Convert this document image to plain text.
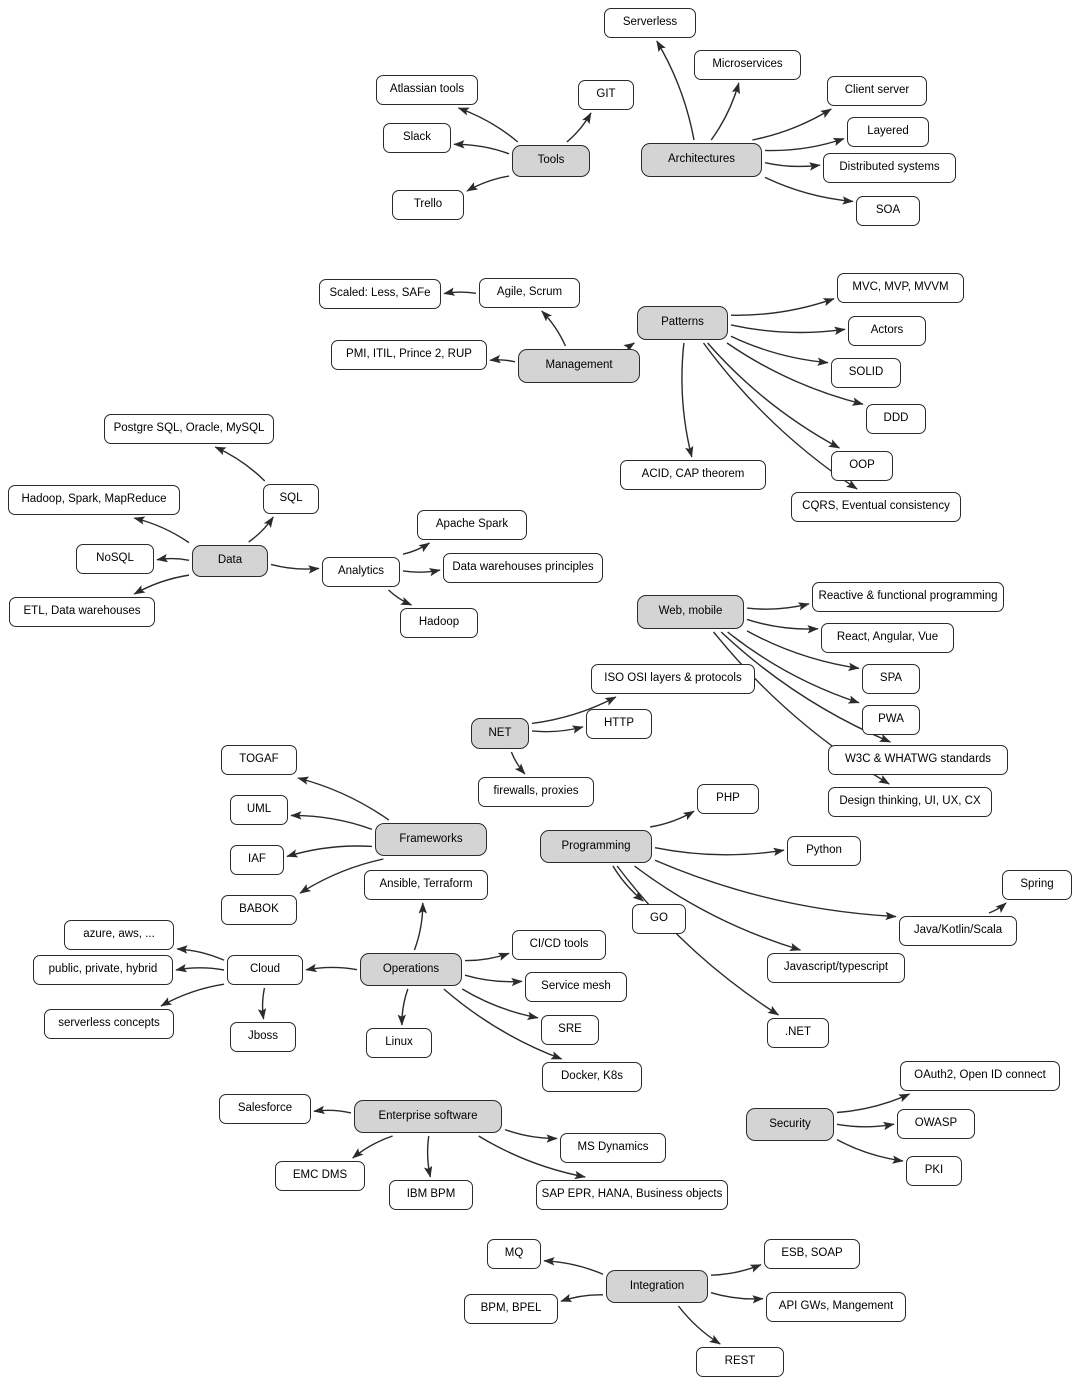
Serverless
Microservices
Atlassian tools	GIT	Client server
Slack	Layered
Tools	Architectures
Distributed systems
Trello	SOA
Scaled: Less, SAFe	Agile, Scrum	MVC, MVP, MVVM
Patterns
Actors
PMI, ITIL, Prince 2, RUP
Management
SOLID
Postgre SQL, Oracle, MySQL
DDD
OOP
ACID, CAP theorem
Hadoop, Spark, MapReduce	SQL
CQRS, Eventual consistency
Apache Spark
NoSQL	Data
Analytics	Data warehouses principles
Web, mobile
Reactive & functional programming
ETL, Data warehouses
Hadoop
React, Angular, Vue
ISO OSI layers & protocols	SPA
PWA
NET
HTTP
W3C & WHATWG standards
TOGAF
firewalls, proxies
PHP	Design thinking, UI, UX, CX
UML
Frameworks
Programming	Python
IAF
Ansible, Terraform	Spring
BABOK
GO
Java/Kotlin/Scala
azure, aws, ...
CI/CD tools
public, private, hybrid	Cloud	Operations
Service mesh
Javascript/typescript
serverless concepts
Jboss
SRE
Linux
.NET
OAuth2, Open ID connect
Docker, K8s
Salesforce
Enterprise software
Security	OWASP
MS Dynamics
EMC DMS	PKI
IBM BPM	SAP EPR, HANA, Business objects
MQ	ESB, SOAP
Integration
API GWs, Mangement
BPM, BPEL
REST
